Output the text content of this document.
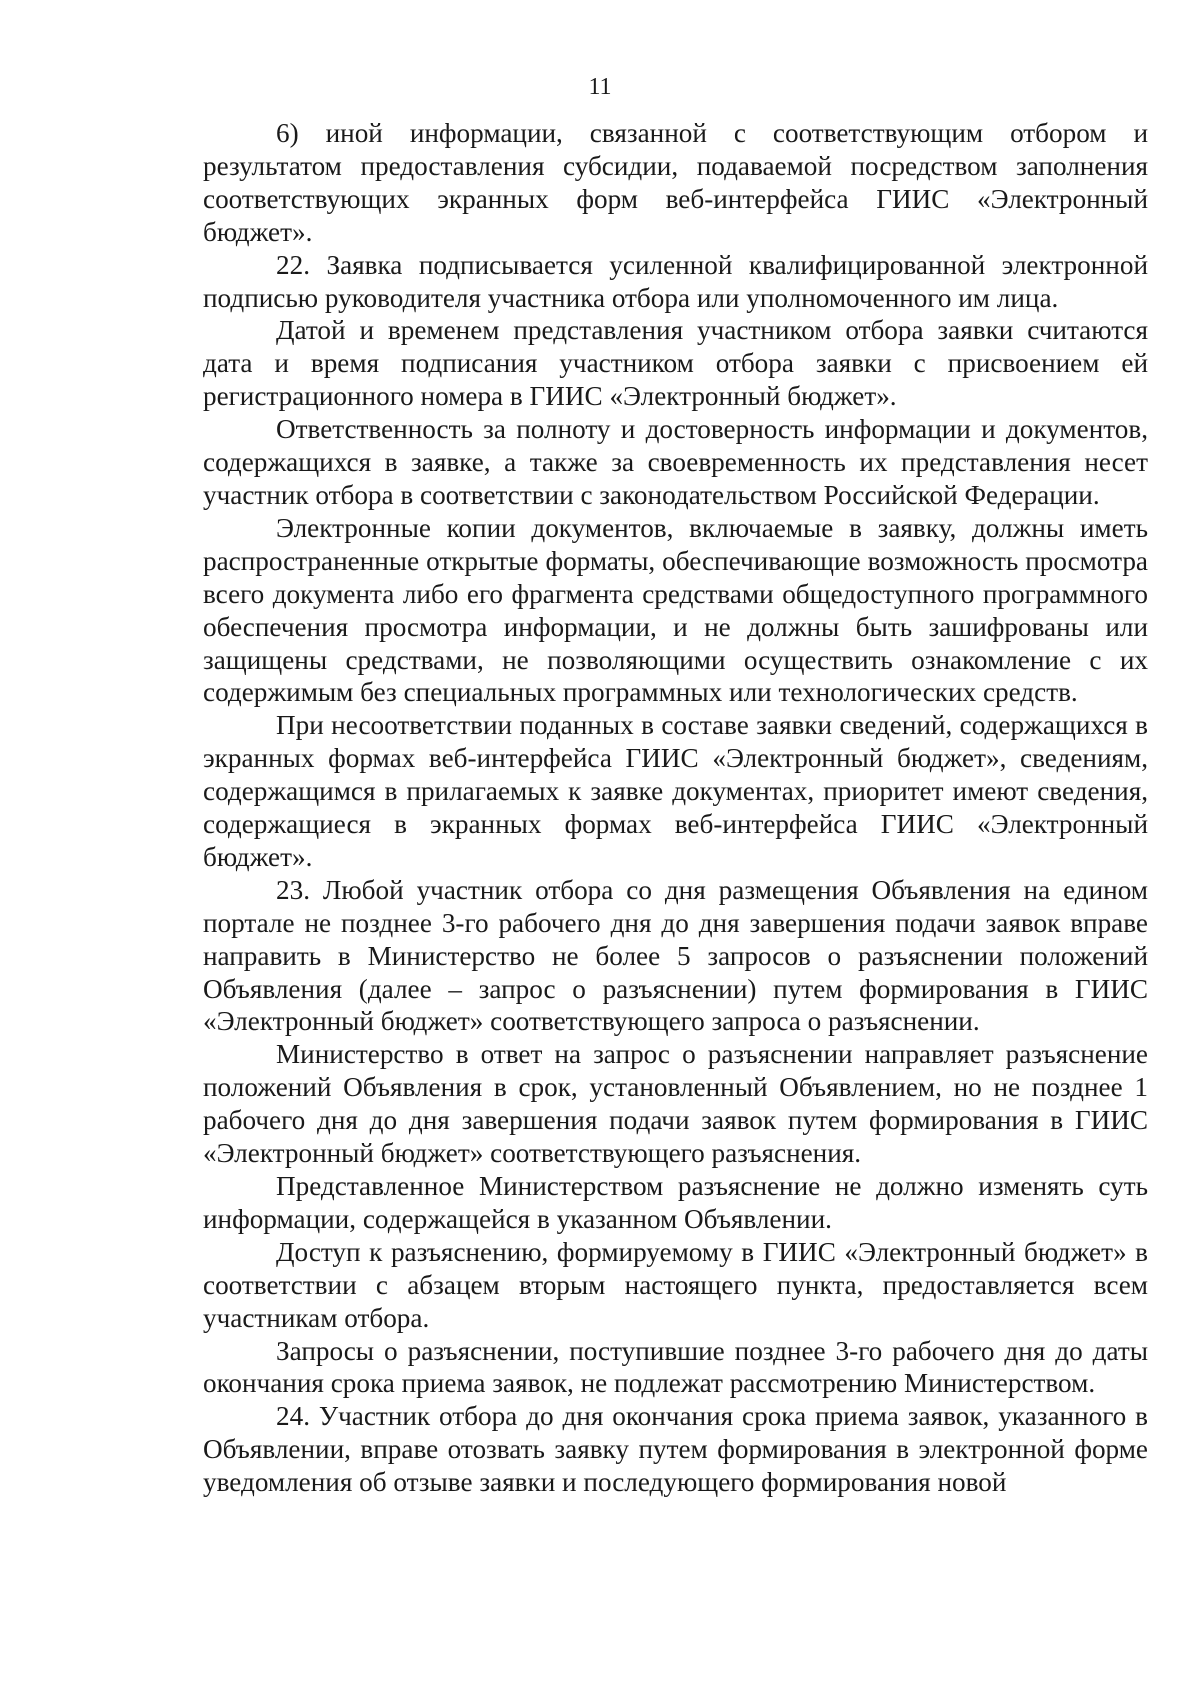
11

6) иной информации, связанной с соответствующим отбором и результатом предоставления субсидии, подаваемой посредством заполнения соответствующих экранных форм веб-интерфейса ГИИС «Электронный бюджет».

22. Заявка подписывается усиленной квалифицированной электронной подписью руководителя участника отбора или уполномоченного им лица.

Датой и временем представления участником отбора заявки считаются дата и время подписания участником отбора заявки с присвоением ей регистрационного номера в ГИИС «Электронный бюджет».

Ответственность за полноту и достоверность информации и документов, содержащихся в заявке, а также за своевременность их представления несет участник отбора в соответствии с законодательством Российской Федерации.

Электронные копии документов, включаемые в заявку, должны иметь распространенные открытые форматы, обеспечивающие возможность просмотра всего документа либо его фрагмента средствами общедоступного программного обеспечения просмотра информации, и не должны быть зашифрованы или защищены средствами, не позволяющими осуществить ознакомление с их содержимым без специальных программных или технологических средств.

При несоответствии поданных в составе заявки сведений, содержащихся в экранных формах веб-интерфейса ГИИС «Электронный бюджет», сведениям, содержащимся в прилагаемых к заявке документах, приоритет имеют сведения, содержащиеся в экранных формах веб-интерфейса ГИИС «Электронный бюджет».

23. Любой участник отбора со дня размещения Объявления на едином портале не позднее 3-го рабочего дня до дня завершения подачи заявок вправе направить в Министерство не более 5 запросов о разъяснении положений Объявления (далее – запрос о разъяснении) путем формирования в ГИИС «Электронный бюджет» соответствующего запроса о разъяснении.

Министерство в ответ на запрос о разъяснении направляет разъяснение положений Объявления в срок, установленный Объявлением, но не позднее 1 рабочего дня до дня завершения подачи заявок путем формирования в ГИИС «Электронный бюджет» соответствующего разъяснения.

Представленное Министерством разъяснение не должно изменять суть информации, содержащейся в указанном Объявлении.

Доступ к разъяснению, формируемому в ГИИС «Электронный бюджет» в соответствии с абзацем вторым настоящего пункта, предоставляется всем участникам отбора.

Запросы о разъяснении, поступившие позднее 3-го рабочего дня до даты окончания срока приема заявок, не подлежат рассмотрению Министерством.

24. Участник отбора до дня окончания срока приема заявок, указанного в Объявлении, вправе отозвать заявку путем формирования в электронной форме уведомления об отзыве заявки и последующего формирования новой
